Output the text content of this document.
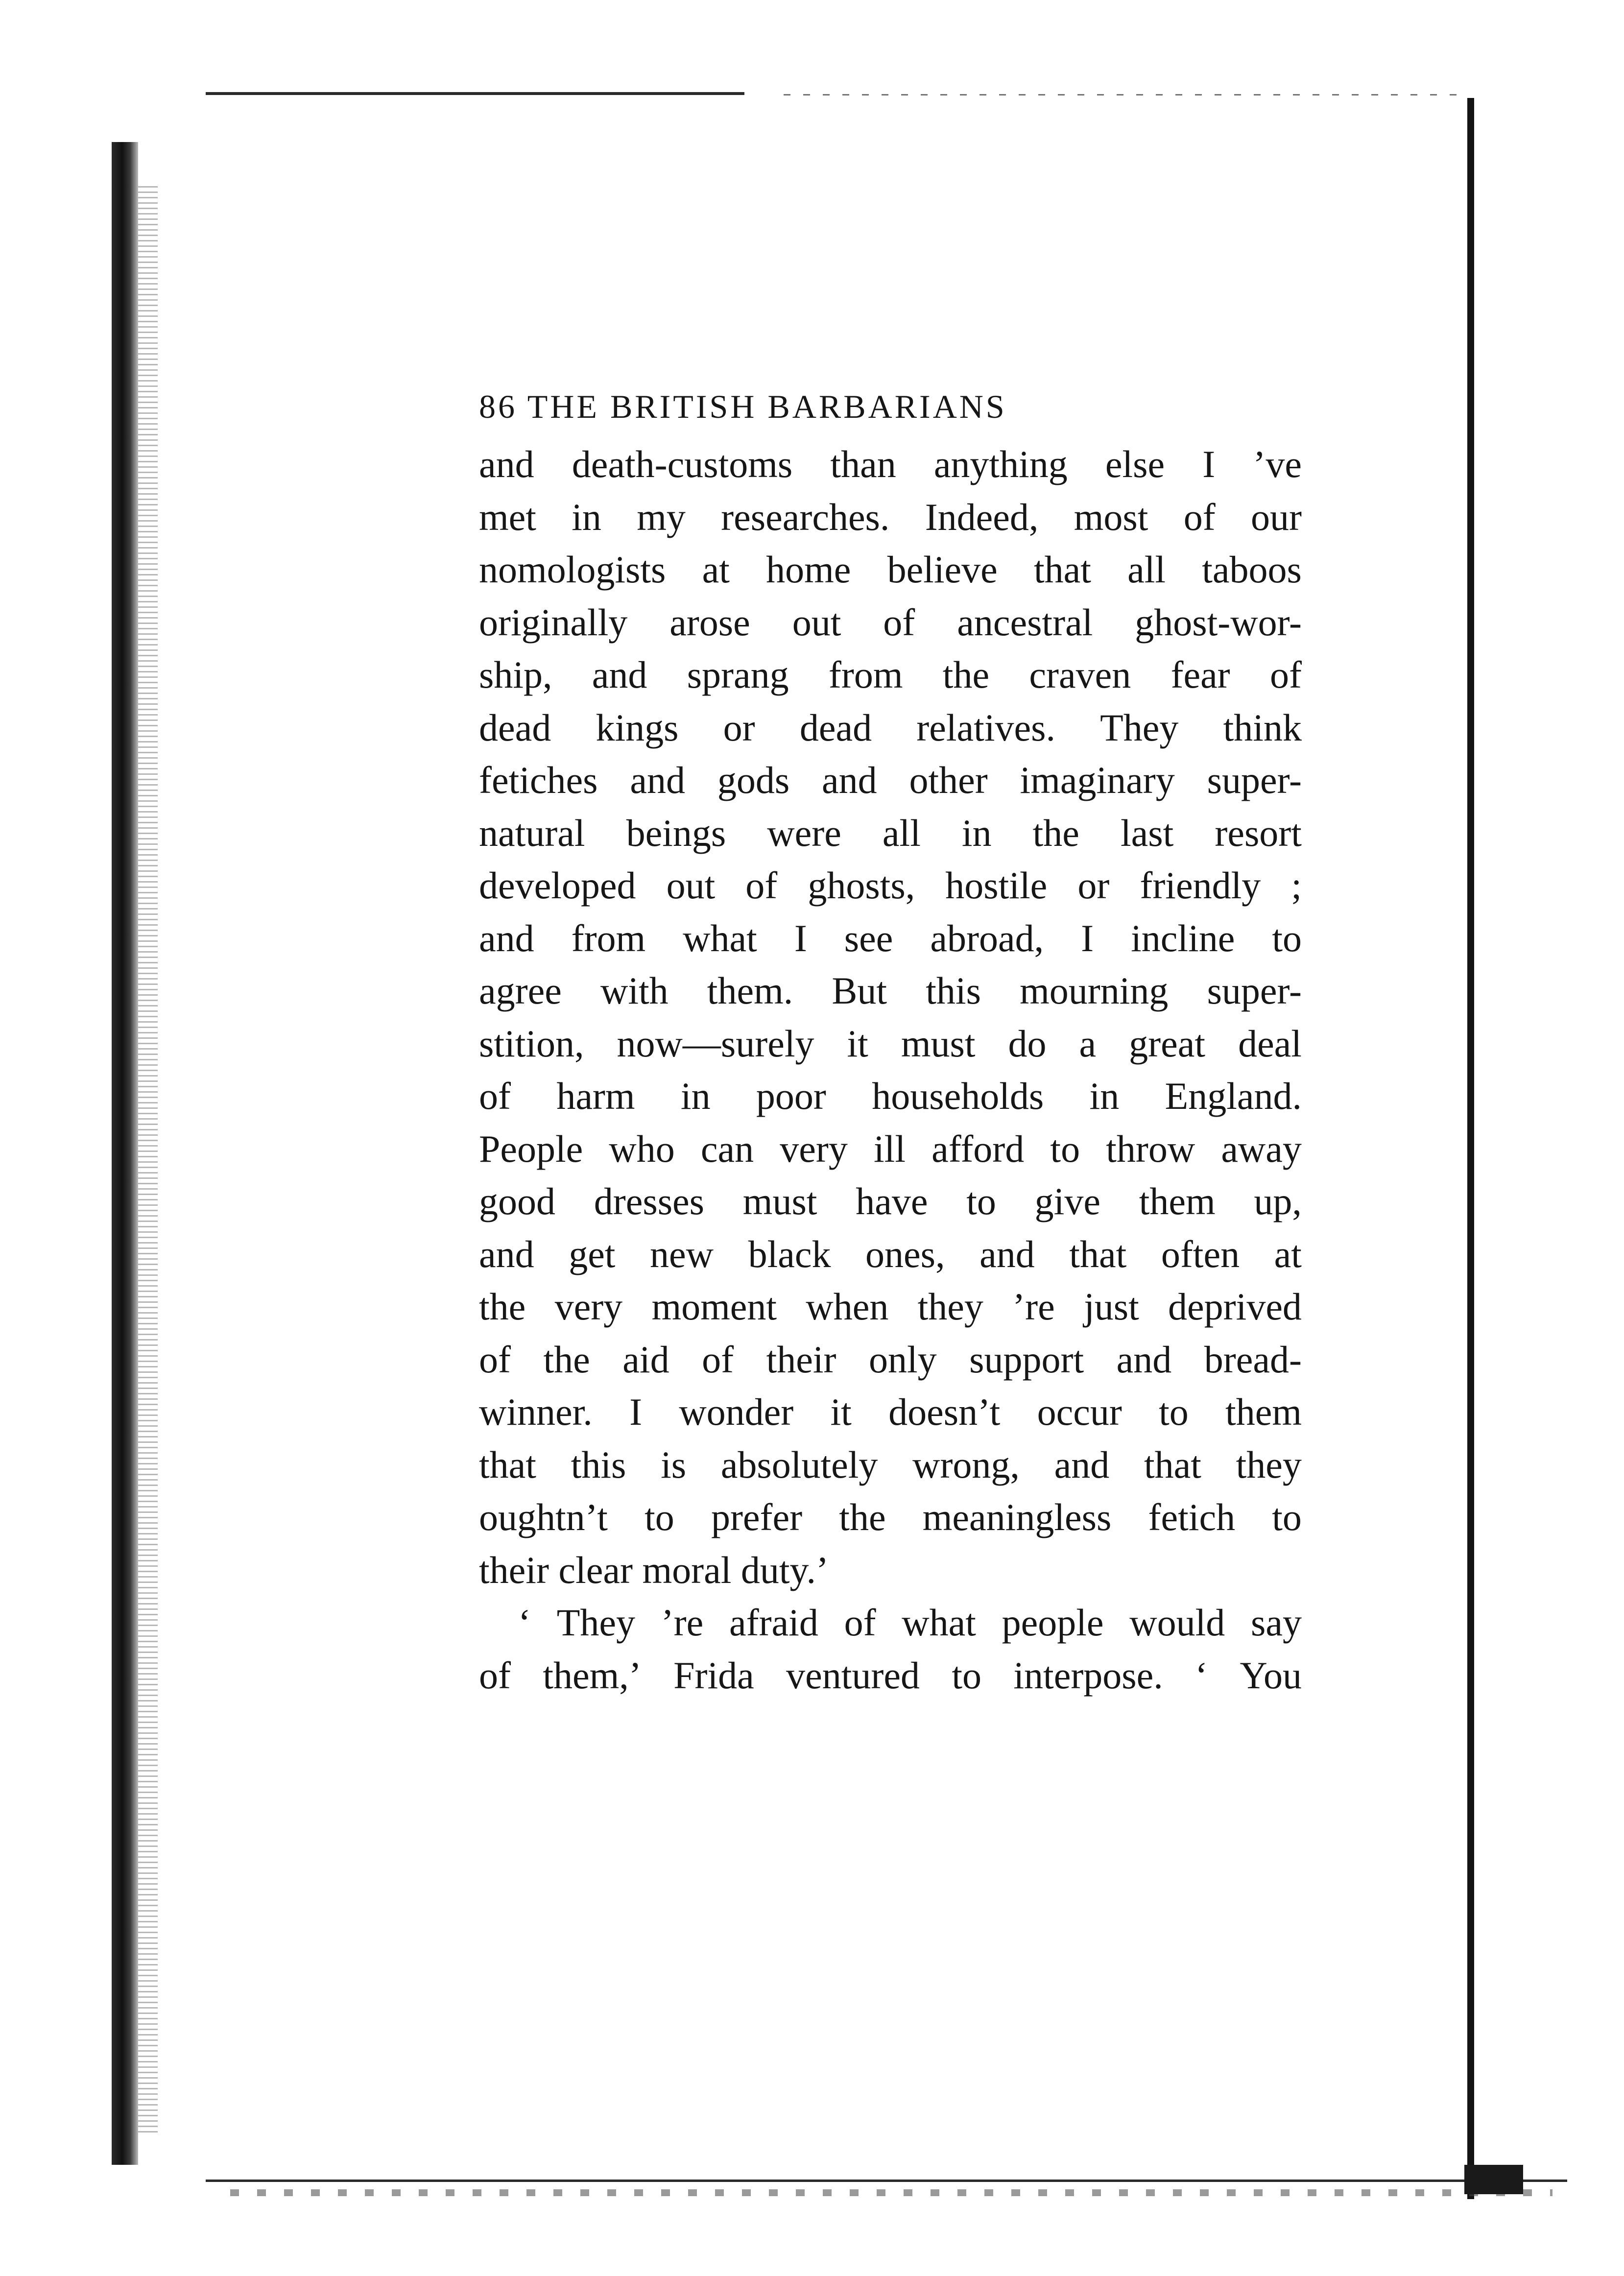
86 THE BRITISH BARBARIANS
and death-customs than anything else I ’ve
met in my researches. Indeed, most of our
nomologists at home believe that all taboos
originally arose out of ancestral ghost-wor-
ship, and sprang from the craven fear of
dead kings or dead relatives. They think
fetiches and gods and other imaginary super-
natural beings were all in the last resort
developed out of ghosts, hostile or friendly ;
and from what I see abroad, I incline to
agree with them. But this mourning super-
stition, now—surely it must do a great deal
of harm in poor households in England.
People who can very ill afford to throw away
good dresses must have to give them up,
and get new black ones, and that often at
the very moment when they ’re just deprived
of the aid of their only support and bread-
winner. I wonder it doesn’t occur to them
that this is absolutely wrong, and that they
oughtn’t to prefer the meaningless fetich to
their clear moral duty.’
‘ They ’re afraid of what people would say
of them,’ Frida ventured to interpose. ‘ You
